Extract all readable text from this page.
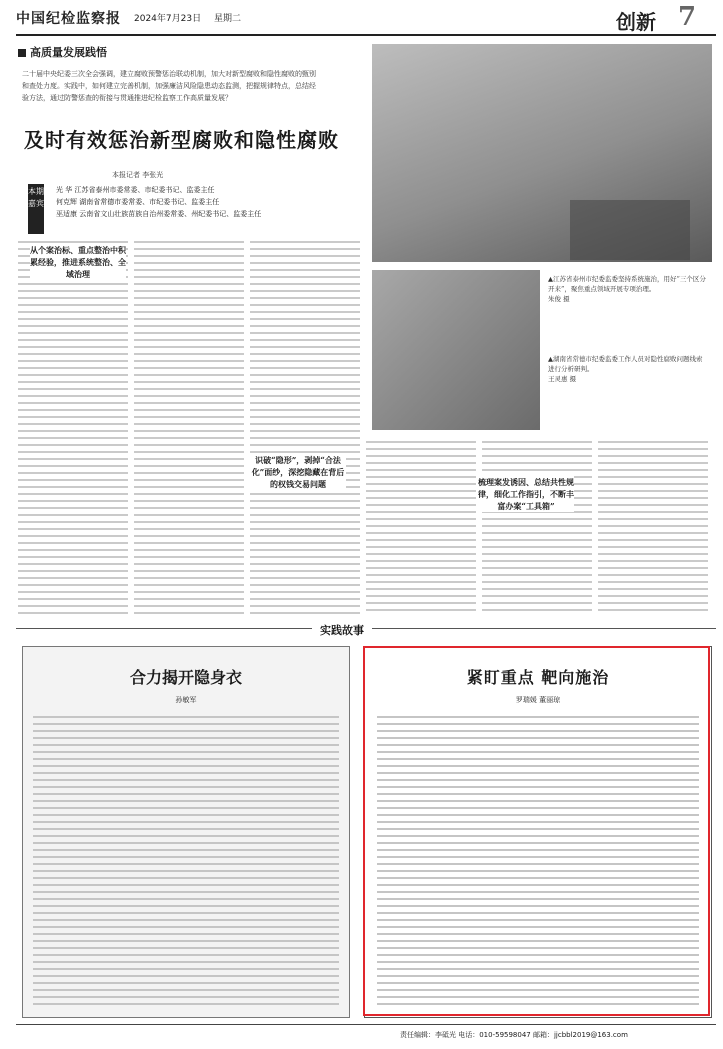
中国纪检监察报 2024年7月23日 星期二	创新 7
高质量发展践悟
二十届中央纪委三次全会强调，建立腐败预警惩治联动机制，加大对新型腐败和隐性腐败的甄别和查处力度。实践中，如何建立完善机制，加强廉洁风险隐患动态监测，把握规律特点，总结经验方法，通过防警惩查的衔接与贯通推进纪检监察工作高质量发展？
及时有效惩治新型腐败和隐性腐败
本报记者 李张光
本期嘉宾
光 华 江苏省泰州市委常委、市纪委书记、监委主任
何克辉 湖南省常德市委常委、市纪委书记、监委主任
巫适康 云南省文山壮族苗族自治州委常委、州纪委书记、监委主任
▲江苏省泰州市纪委监委坚持系统施治，用好“三个区分开来”，聚焦重点领域开展专项治理。
朱俊 摄
▲湖南省常德市纪委监委工作人员对隐性腐败问题线索进行分析研判。
王灵惠 摄
从个案治标、重点整治中积累经验，推进系统整治、全域治理
识破“隐形”，剥掉“合法化”面纱，深挖隐藏在背后的权钱交易问题	梳理案发诱因、总结共性规律，细化工作指引，不断丰富办案“工具箱”
实践故事
合力揭开隐身衣
孙敏军
紧盯重点 靶向施治
罗瑞媛 董丽琼
责任编辑：李砥光 电话：010-59598047 邮箱：jjcbbl2019@163.com
